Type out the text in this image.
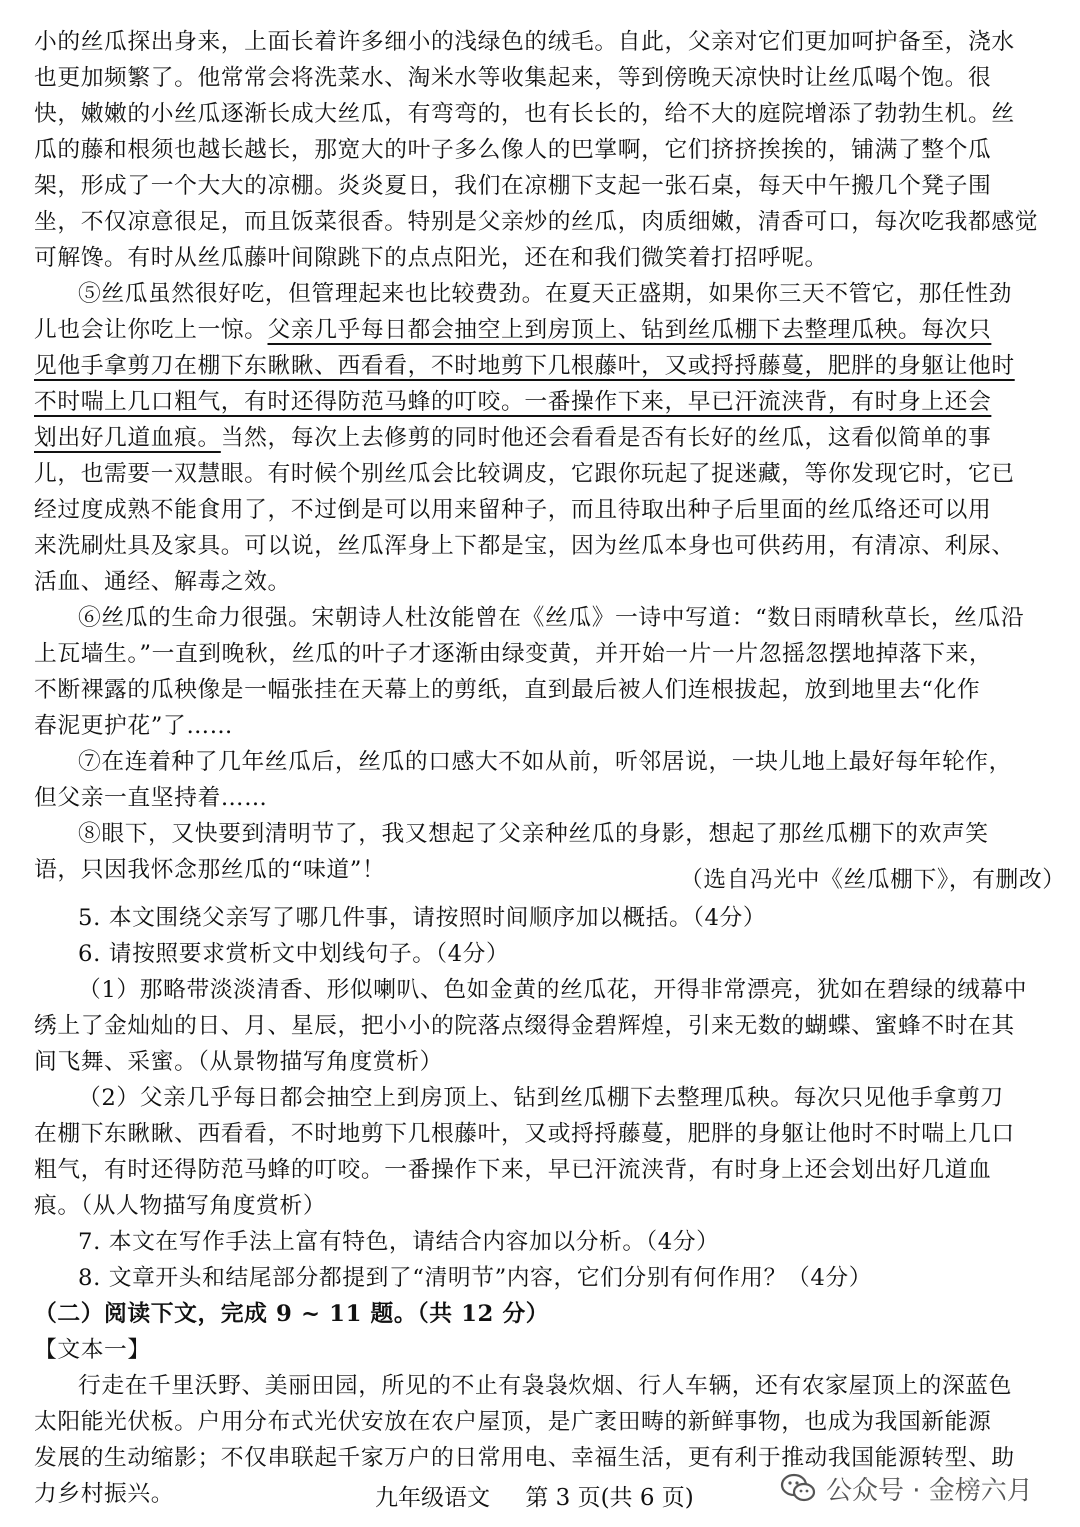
小的丝瓜探出身来，上面长着许多细小的浅绿色的绒毛。自此，父亲对它们更加呵护备至，浇水
也更加频繁了。他常常会将洗菜水、淘米水等收集起来，等到傍晚天凉快时让丝瓜喝个饱。很
快，嫩嫩的小丝瓜逐渐长成大丝瓜，有弯弯的，也有长长的，给不大的庭院增添了勃勃生机。丝
瓜的藤和根须也越长越长，那宽大的叶子多么像人的巴掌啊，它们挤挤挨挨的，铺满了整个瓜
架，形成了一个大大的凉棚。炎炎夏日，我们在凉棚下支起一张石桌，每天中午搬几个凳子围
坐，不仅凉意很足，而且饭菜很香。特别是父亲炒的丝瓜，肉质细嫩，清香可口，每次吃我都感觉
可解馋。有时从丝瓜藤叶间隙跳下的点点阳光，还在和我们微笑着打招呼呢。
⑤丝瓜虽然很好吃，但管理起来也比较费劲。在夏天正盛期，如果你三天不管它，那任性劲
儿也会让你吃上一惊。父亲几乎每日都会抽空上到房顶上、钻到丝瓜棚下去整理瓜秧。每次只
见他手拿剪刀在棚下东瞅瞅、西看看，不时地剪下几根藤叶，又或捋捋藤蔓，肥胖的身躯让他时
不时喘上几口粗气，有时还得防范马蜂的叮咬。一番操作下来，早已汗流浃背，有时身上还会
划出好几道血痕。当然，每次上去修剪的同时他还会看看是否有长好的丝瓜，这看似简单的事
儿，也需要一双慧眼。有时候个别丝瓜会比较调皮，它跟你玩起了捉迷藏，等你发现它时，它已
经过度成熟不能食用了，不过倒是可以用来留种子，而且待取出种子后里面的丝瓜络还可以用
来洗刷灶具及家具。可以说，丝瓜浑身上下都是宝，因为丝瓜本身也可供药用，有清凉、利尿、
活血、通经、解毒之效。
⑥丝瓜的生命力很强。宋朝诗人杜汝能曾在《丝瓜》一诗中写道：“数日雨晴秋草长，丝瓜沿
上瓦墙生。”一直到晚秋，丝瓜的叶子才逐渐由绿变黄，并开始一片一片忽摇忽摆地掉落下来，
不断裸露的瓜秧像是一幅张挂在天幕上的剪纸，直到最后被人们连根拔起，放到地里去“化作
春泥更护花”了……
⑦在连着种了几年丝瓜后，丝瓜的口感大不如从前，听邻居说，一块儿地上最好每年轮作，
但父亲一直坚持着……
⑧眼下，又快要到清明节了，我又想起了父亲种丝瓜的身影，想起了那丝瓜棚下的欢声笑
语，只因我怀念那丝瓜的“味道”！	（选自冯光中《丝瓜棚下》，有删改）
5. 本文围绕父亲写了哪几件事，请按照时间顺序加以概括。（4分）
6. 请按照要求赏析文中划线句子。（4分）
（1）那略带淡淡清香、形似喇叭、色如金黄的丝瓜花，开得非常漂亮，犹如在碧绿的绒幕中
绣上了金灿灿的日、月、星辰，把小小的院落点缀得金碧辉煌，引来无数的蝴蝶、蜜蜂不时在其
间飞舞、采蜜。（从景物描写角度赏析）
（2）父亲几乎每日都会抽空上到房顶上、钻到丝瓜棚下去整理瓜秧。每次只见他手拿剪刀
在棚下东瞅瞅、西看看，不时地剪下几根藤叶，又或捋捋藤蔓，肥胖的身躯让他时不时喘上几口
粗气，有时还得防范马蜂的叮咬。一番操作下来，早已汗流浃背，有时身上还会划出好几道血
痕。（从人物描写角度赏析）
7. 本文在写作手法上富有特色，请结合内容加以分析。（4分）
8. 文章开头和结尾部分都提到了“清明节”内容，它们分别有何作用？（4分）
（二）阅读下文，完成 9 ~ 11 题。（共 12 分）
【文本一】
行走在千里沃野、美丽田园，所见的不止有袅袅炊烟、行人车辆，还有农家屋顶上的深蓝色
太阳能光伏板。户用分布式光伏安放在农户屋顶，是广袤田畴的新鲜事物，也成为我国新能源
发展的生动缩影；不仅串联起千家万户的日常用电、幸福生活，更有利于推动我国能源转型、助
力乡村振兴。	九年级语文 第 3 页(共 6 页)	公众号 · 金榜六月
